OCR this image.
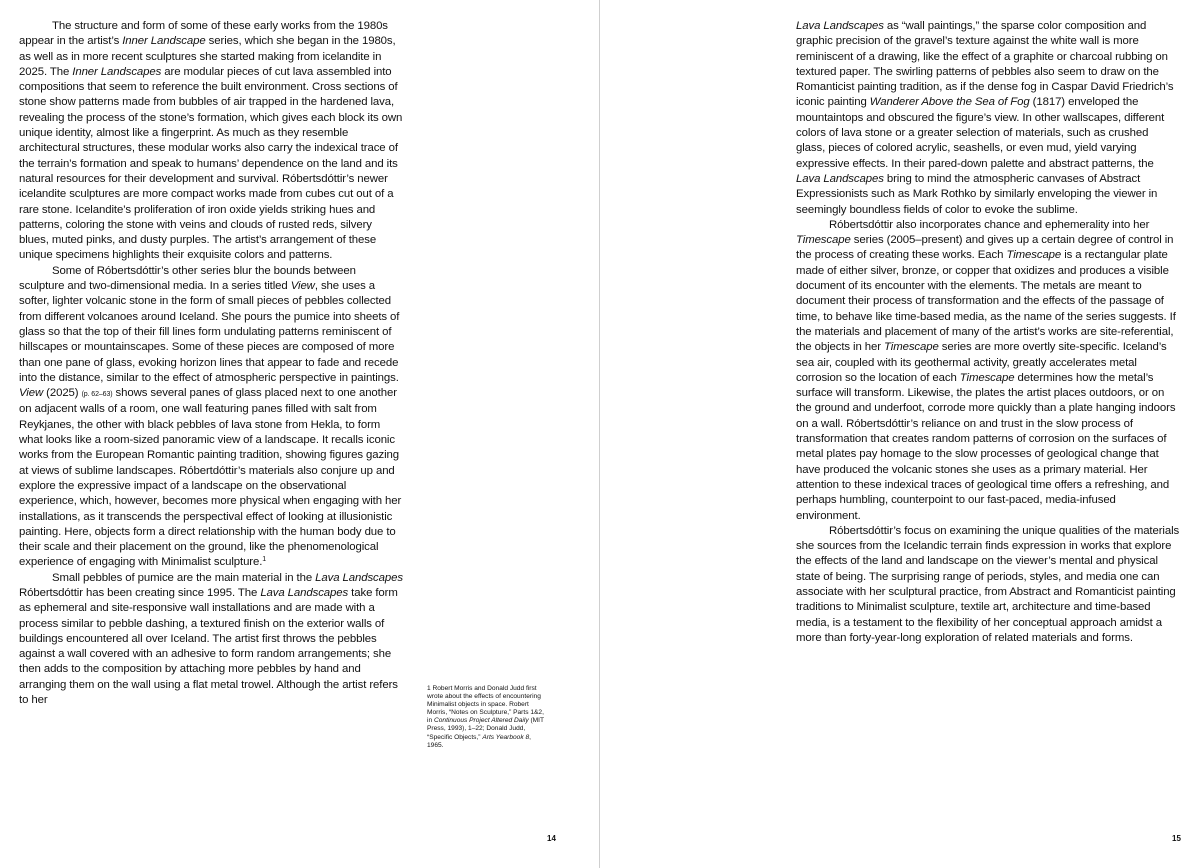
The structure and form of some of these early works from the 1980s appear in the artist’s Inner Landscape series, which she began in the 1980s, as well as in more recent sculptures she started making from icelandite in 2025. The Inner Landscapes are modular pieces of cut lava assembled into compositions that seem to reference the built environment. Cross sections of stone show patterns made from bubbles of air trapped in the hardened lava, revealing the process of the stone’s formation, which gives each block its own unique identity, almost like a fingerprint. As much as they resemble architectural structures, these modular works also carry the indexical trace of the terrain’s formation and speak to humans’ dependence on the land and its natural resources for their development and survival. Róbertsdóttir’s newer icelandite sculptures are more compact works made from cubes cut out of a rare stone. Icelandite’s proliferation of iron oxide yields striking hues and patterns, coloring the stone with veins and clouds of rusted reds, silvery blues, muted pinks, and dusty purples. The artist’s arrangement of these unique specimens highlights their exquisite colors and patterns.

Some of Róbertsdóttir’s other series blur the bounds between sculpture and two-dimensional media. In a series titled View, she uses a softer, lighter volcanic stone in the form of small pieces of pebbles collected from different volcanoes around Iceland. She pours the pumice into sheets of glass so that the top of their fill lines form undulating patterns reminiscent of hillscapes or mountainscapes. Some of these pieces are composed of more than one pane of glass, evoking horizon lines that appear to fade and recede into the distance, similar to the effect of atmospheric perspective in paintings. View (2025) (p. 62–63) shows several panes of glass placed next to one another on adjacent walls of a room, one wall featuring panes filled with salt from Reykjanes, the other with black pebbles of lava stone from Hekla, to form what looks like a room-sized panoramic view of a landscape. It recalls iconic works from the European Romantic painting tradition, showing figures gazing at views of sublime landscapes. Róbertdóttir’s materials also conjure up and explore the expressive impact of a landscape on the observational experience, which, however, becomes more physical when engaging with her installations, as it transcends the perspectival effect of looking at illusionistic painting. Here, objects form a direct relationship with the human body due to their scale and their placement on the ground, like the phenomenological experience of engaging with Minimalist sculpture.$^1$

Small pebbles of pumice are the main material in the Lava Landscapes Róbertsdóttir has been creating since 1995. The Lava Landscapes take form as ephemeral and site-responsive wall installations and are made with a process similar to pebble dashing, a textured finish on the exterior walls of buildings encountered all over Iceland. The artist first throws the pebbles against a wall covered with an adhesive to form random arrangements; she then adds to the composition by attaching more pebbles by hand and arranging them on the wall using a flat metal trowel. Although the artist refers to her

1 Robert Morris and Donald Judd first wrote about the effects of encountering Minimalist objects in space. Robert Morris, “Notes on Sculpture,” Parts 1&2, in Continuous Project Altered Daily (MIT Press, 1993), 1–22; Donald Judd, “Specific Objects,” Arts Yearbook 8, 1965.

14

Lava Landscapes as “wall paintings,” the sparse color composition and graphic precision of the gravel’s texture against the white wall is more reminiscent of a drawing, like the effect of a graphite or charcoal rubbing on textured paper. The swirling patterns of pebbles also seem to draw on the Romanticist painting tradition, as if the dense fog in Caspar David Friedrich’s iconic painting Wanderer Above the Sea of Fog (1817) enveloped the mountaintops and obscured the figure’s view. In other wallscapes, different colors of lava stone or a greater selection of materials, such as crushed glass, pieces of colored acrylic, seashells, or even mud, yield varying expressive effects. In their pared-down palette and abstract patterns, the Lava Landscapes bring to mind the atmospheric canvases of Abstract Expressionists such as Mark Rothko by similarly enveloping the viewer in seemingly boundless fields of color to evoke the sublime.

Róbertsdóttir also incorporates chance and ephemerality into her Timescape series (2005–present) and gives up a certain degree of control in the process of creating these works. Each Timescape is a rectangular plate made of either silver, bronze, or copper that oxidizes and produces a visible document of its encounter with the elements. The metals are meant to document their process of transformation and the effects of the passage of time, to behave like time-based media, as the name of the series suggests. If the materials and placement of many of the artist’s works are site-referential, the objects in her Timescape series are more overtly site-specific. Iceland’s sea air, coupled with its geothermal activity, greatly accelerates metal corrosion so the location of each Timescape determines how the metal’s surface will transform. Likewise, the plates the artist places outdoors, or on the ground and underfoot, corrode more quickly than a plate hanging indoors on a wall. Róbertsdóttir’s reliance on and trust in the slow process of transformation that creates random patterns of corrosion on the surfaces of metal plates pay homage to the slow processes of geological change that have produced the volcanic stones she uses as a primary material. Her attention to these indexical traces of geological time offers a refreshing, and perhaps humbling, counterpoint to our fast-paced, media-infused environment.

Róbertsdóttir’s focus on examining the unique qualities of the materials she sources from the Icelandic terrain finds expression in works that explore the effects of the land and landscape on the viewer’s mental and physical state of being. The surprising range of periods, styles, and media one can associate with her sculptural practice, from Abstract and Romanticist painting traditions to Minimalist sculpture, textile art, architecture and time-based media, is a testament to the flexibility of her conceptual approach amidst a more than forty-year-long exploration of related materials and forms.

15
